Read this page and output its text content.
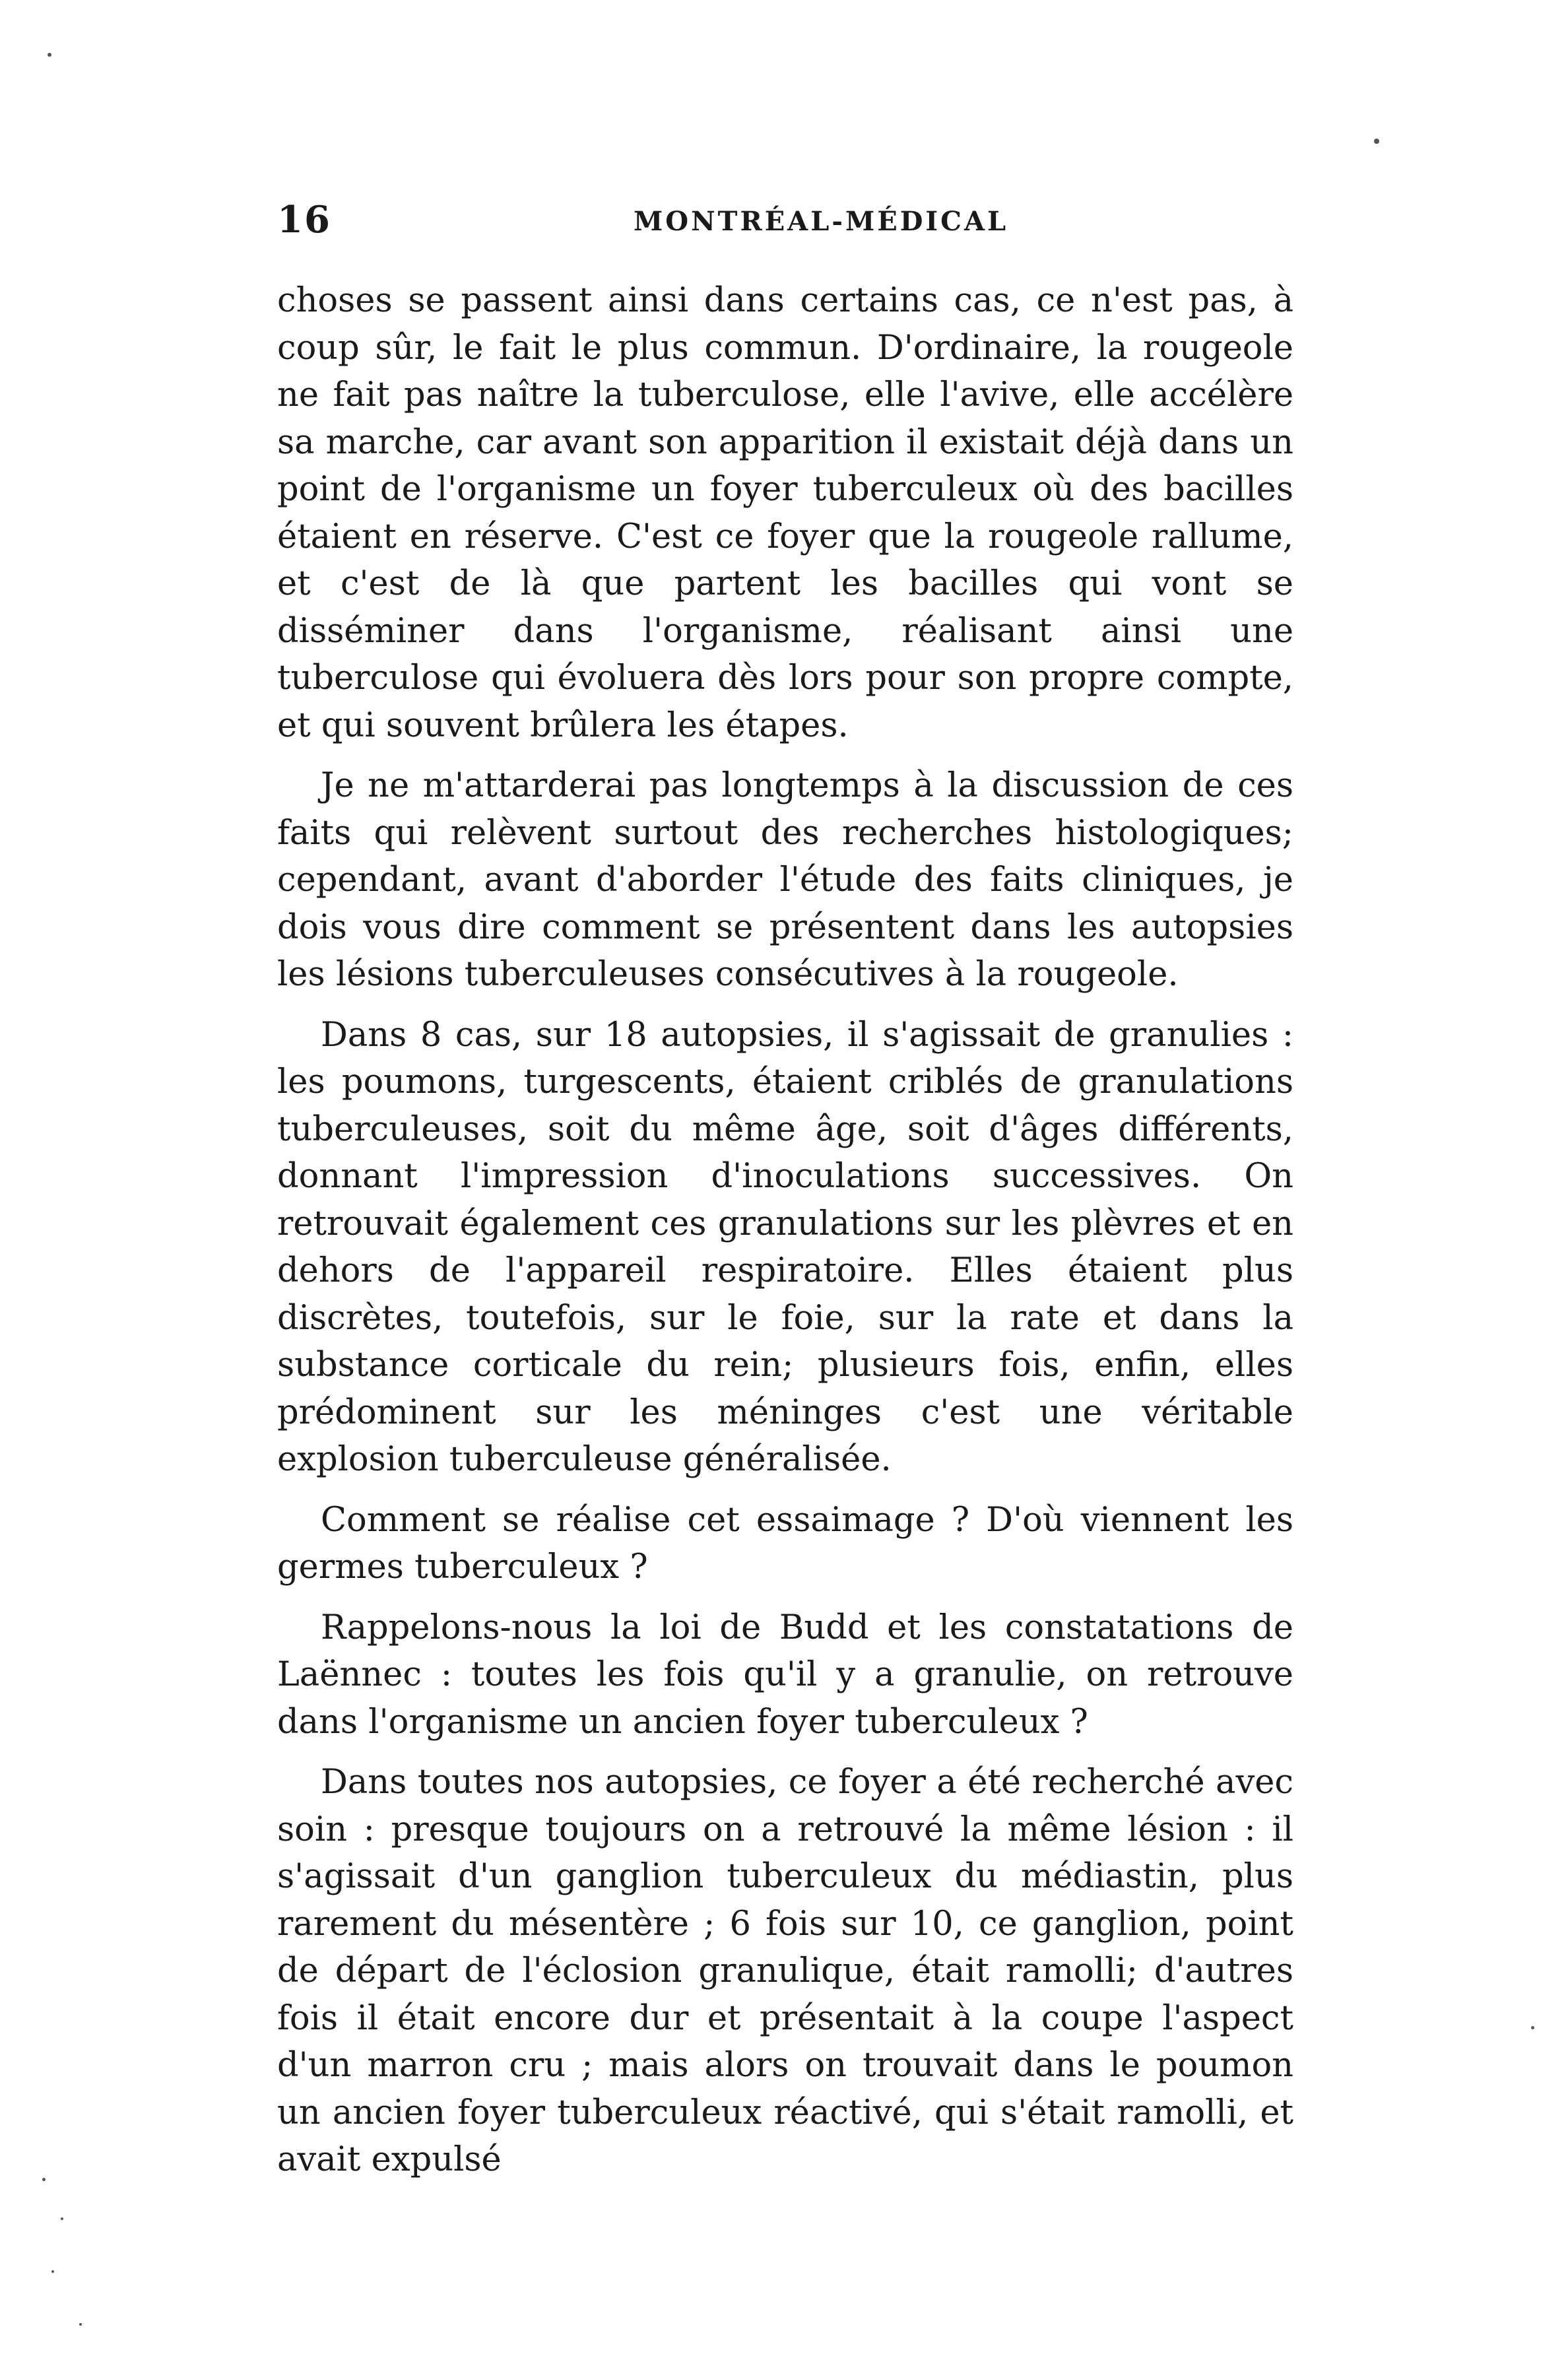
16	MONTRÉAL-MÉDICAL

choses se passent ainsi dans certains cas, ce n'est pas, à coup sûr, le fait le plus commun. D'ordinaire, la rougeole ne fait pas naître la tuberculose, elle l'avive, elle accélère sa marche, car avant son apparition il existait déjà dans un point de l'organisme un foyer tuberculeux où des bacilles étaient en réserve. C'est ce foyer que la rougeole rallume, et c'est de là que partent les bacilles qui vont se disséminer dans l'organisme, réalisant ainsi une tuberculose qui évoluera dès lors pour son propre compte, et qui souvent brûlera les étapes.

Je ne m'attarderai pas longtemps à la discussion de ces faits qui relèvent surtout des recherches histologiques; cependant, avant d'aborder l'étude des faits cliniques, je dois vous dire comment se présentent dans les autopsies les lésions tuberculeuses consécutives à la rougeole.

Dans 8 cas, sur 18 autopsies, il s'agissait de granulies : les poumons, turgescents, étaient criblés de granulations tuberculeuses, soit du même âge, soit d'âges différents, donnant l'impression d'inoculations successives. On retrouvait également ces granulations sur les plèvres et en dehors de l'appareil respiratoire. Elles étaient plus discrètes, toutefois, sur le foie, sur la rate et dans la substance corticale du rein; plusieurs fois, enfin, elles prédominent sur les méninges c'est une véritable explosion tuberculeuse généralisée.

Comment se réalise cet essaimage ? D'où viennent les germes tuberculeux ?

Rappelons-nous la loi de Budd et les constatations de Laënnec : toutes les fois qu'il y a granulie, on retrouve dans l'organisme un ancien foyer tuberculeux ?

Dans toutes nos autopsies, ce foyer a été recherché avec soin : presque toujours on a retrouvé la même lésion : il s'agissait d'un ganglion tuberculeux du médiastin, plus rarement du mésentère ; 6 fois sur 10, ce ganglion, point de départ de l'éclosion granulique, était ramolli; d'autres fois il était encore dur et présentait à la coupe l'aspect d'un marron cru ; mais alors on trouvait dans le poumon un ancien foyer tuberculeux réactivé, qui s'était ramolli, et avait expulsé
